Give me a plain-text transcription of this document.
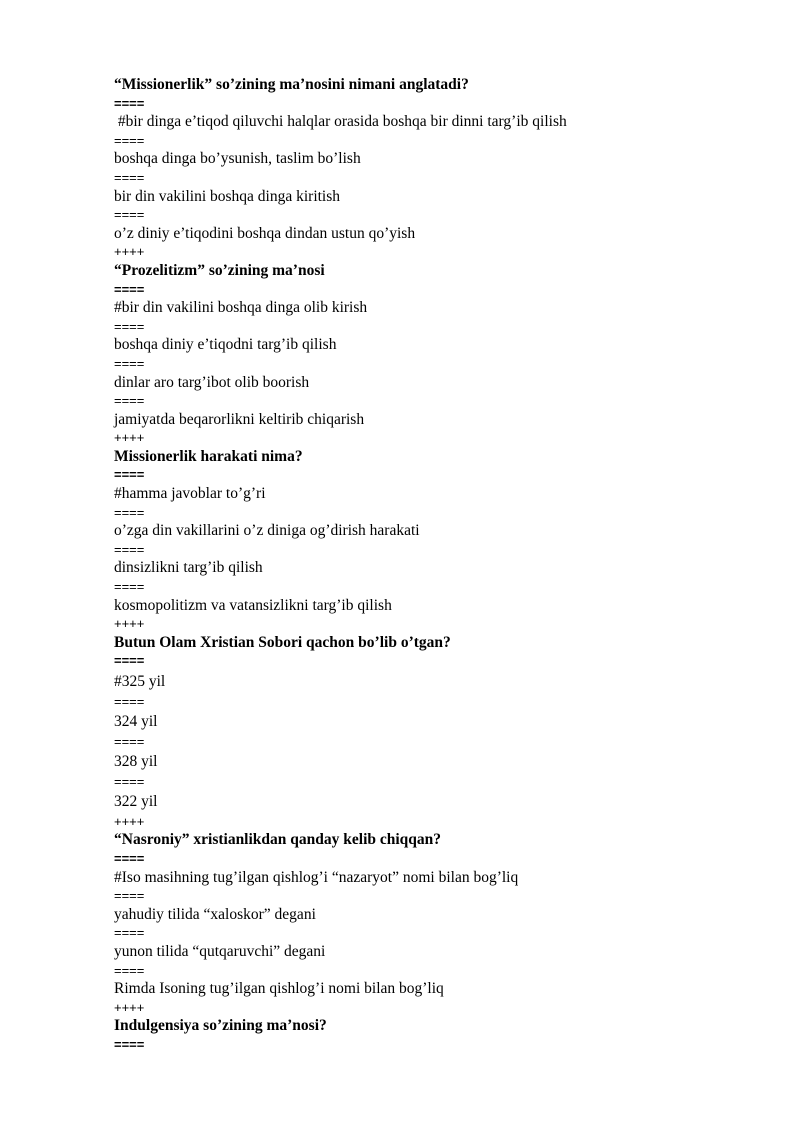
“Missionerlik” so’zining ma’nosini nimani anglatadi?
====
#bir dinga e’tiqod qiluvchi halqlar orasida boshqa bir dinni targ’ib qilish
====
boshqa dinga bo’ysunish, taslim bo’lish
====
bir din vakilini boshqa dinga kiritish
====
o’z diniy e’tiqodini boshqa dindan ustun qo’yish
++++
“Prozelitizm” so’zining ma’nosi
====
#bir din vakilini boshqa dinga olib kirish
====
boshqa diniy e’tiqodni targ’ib qilish
====
dinlar aro targ’ibot olib boorish
====
jamiyatda beqarorlikni keltirib chiqarish
++++
Missionerlik harakati nima?
====
#hamma javoblar to’g’ri
====
o’zga din vakillarini o’z diniga og’dirish harakati
====
dinsizlikni targ’ib qilish
====
kosmopolitizm va vatansizlikni targ’ib qilish
++++
Butun Olam Xristian Sobori qachon bo’lib o’tgan?
====
#325 yil
====
324 yil
====
328 yil
====
322 yil
++++
“Nasroniy” xristianlikdan qanday kelib chiqqan?
====
#Iso masihning tug’ilgan qishlog’i “nazaryot” nomi bilan bog’liq
====
yahudiy tilida “xaloskor” degani
====
yunon tilida “qutqaruvchi” degani
====
Rimda Isoning tug’ilgan qishlog’i nomi bilan bog’liq
++++
Indulgensiya so’zining ma’nosi?
====
